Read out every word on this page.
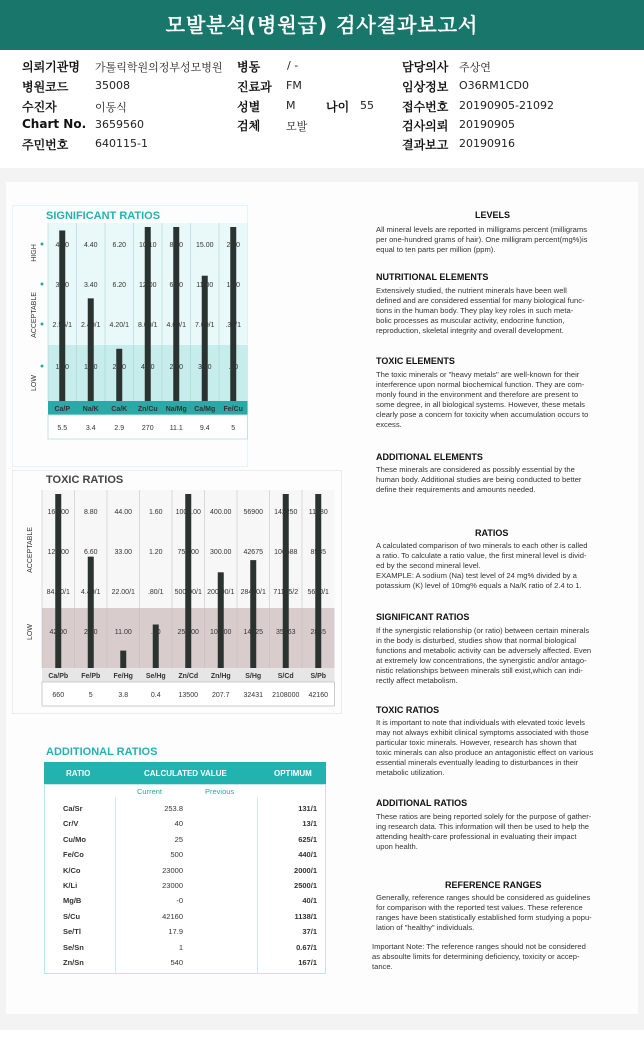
모발분석(병원급) 검사결과보고서
의뢰기관명 가톨릭학원의정부성모병원
병원코드 35008
수진자	이동식
Chart No. 3659560
주민번호 640115-1
병동 / -
진료과 FM
성별 M	나이 55
검체 모발
담당의사 주상연
임상정보 O36RM1CD0
접수번호 20190905-21092
검사의뢰 20190905
결과보고 20190916
SIGNIFICANT RATIOS
HIGH
ACCEPTABLE
LOW
4.00
3.00
2.55/1
1.50
Ca/P
5.5
4.40
3.40
2.40/1
1.40
Na/K
3.4
6.20
6.20
4.20/1
2.20
Ca/K
2.9
10.10
12.00
8.00/1
4.00
Zn/Cu
270
8.00
6.00
4.00/1
2.00
Na/Mg
11.1
15.00
11.00
7.00/1
3.00
Ca/Mg
9.4
2.20
1.80
.30/1
.20
Fe/Cu
5
TOXIC RATIOS
ACCEPTABLE
LOW
168.00
126.00
84.00/1
42.00
Ca/Pb
660
8.80
6.60
4.40/1
2.20
Fe/Pb
5
44.00
33.00
22.00/1
11.00
Fe/Hg
3.8
1.60
1.20
.80/1
.40
Se/Hg
0.4
1000.00
750.00
500.00/1
250.00
Zn/Cd
13500
400.00
300.00
200.00/1
100.00
Zn/Hg
207.7
56900
42675
28450/1
14225
S/Hg
32431
142250
106688
71125/2
35563
S/Cd
2108000
11380
8535
5690/1
2845
S/Pb
42160
ADDITIONAL RATIOS
RATIO	CALCULATED VALUE	OPTIMUM
Current	Previous
Ca/Sr	253.8	131/1
Cr/V	40	13/1
Cu/Mo	25	625/1
Fe/Co	500	440/1
K/Co	23000	2000/1
K/Li	23000	2500/1
Mg/B	-0	40/1
S/Cu	42160	1138/1
Se/Tl	17.9	37/1
Se/Sn	1	0.67/1
Zn/Sn	540	167/1
LEVELS
All mineral levels are reported in milligrams percent (milligrams
per one-hundred grams of hair). One milligram percent(mg%)is
equal to ten parts per million (ppm).
NUTRITIONAL ELEMENTS
Extensively studied, the nutrient minerals have been well
defined and are considered essential for many biological func-
tions in the human body. They play key roles in such meta-
bolic processes as muscular activity, endocrine function,
reproduction, skeletal integrity and overall development.
TOXIC ELEMENTS
The toxic minerals or "heavy metals" are well-known for their
interference upon normal biochemical function. They are com-
monly found in the environment and therefore are present to
some degree, in all biological systems. However, these metals
clearly pose a concern for toxicity when accumulation occurs to
excess.
ADDITIONAL ELEMENTS
These minerals are considered as possibly essential by the
human body. Additional studies are being conducted to better
define their requirements and amounts needed.
RATIOS
A calculated comparison of two minerals to each other is called
a ratio. To calculate a ratio value, the first mineral level is divid-
ed by the second mineral level.
EXAMPLE: A sodium (Na) test level of 24 mg% divided by a
potassium (K) level of 10mg% equals a Na/K ratio of 2.4 to 1.
SIGNIFICANT RATIOS
If the synergistic relationship (or ratio) between certain minerals
in the body is disturbed, studies show that normal biological
functions and metabolic activity can be adversely affected. Even
at extremely low concentrations, the synergistic and/or antago-
nistic relationships between minerals still exist,which can indi-
rectly affect metabolism.
TOXIC RATIOS
It is important to note that individuals with elevated toxic levels
may not always exhibit clinical symptoms associated with those
particular toxic minerals. However, research has shown that
toxic minerals can also produce an antagonistic effect on various
essential minerals eventually leading to disturbances in their
metabolic utilization.
ADDITIONAL RATIOS
These ratios are being reported solely for the purpose of gather-
ing research data. This information will then be used to help the
attending health-care professional in evaluating their impact
upon health.
REFERENCE RANGES
Generally, reference ranges should be considered as guidelines
for comparison with the reported test values. These reference
ranges have been statistically established form studying a popu-
lation of "healthy" individuals.
Important Note: The reference ranges should not be considered
as absoulte limits for determining deficiency, toxicity or accep-
tance.
